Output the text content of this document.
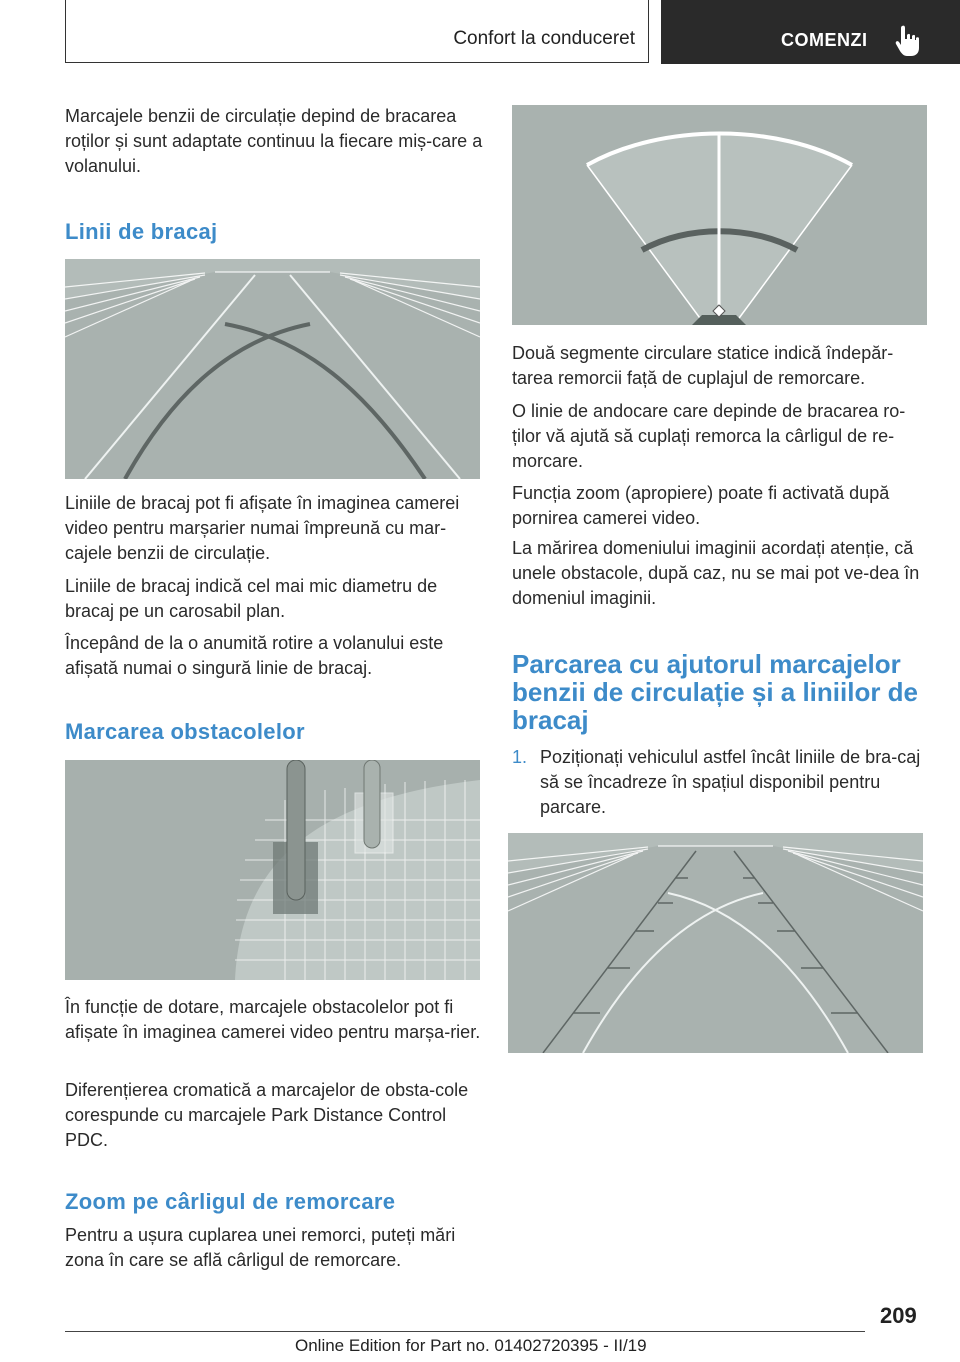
Confort la conduceret	COMENZI

Marcajele benzii de circulație depind de bracarea roților și sunt adaptate continuu la fiecare miș-care a volanului.

Linii de bracaj

Liniile de bracaj pot fi afișate în imaginea camerei video pentru marșarier numai împreună cu mar-cajele benzii de circulație.

Liniile de bracaj indică cel mai mic diametru de bracaj pe un carosabil plan.

Începând de la o anumită rotire a volanului este afișată numai o singură linie de bracaj.

Marcarea obstacolelor

În funcție de dotare, marcajele obstacolelor pot fi afișate în imaginea camerei video pentru marșa-rier.

Diferențierea cromatică a marcajelor de obsta-cole corespunde cu marcajele Park Distance Control PDC.

Zoom pe cârligul de remorcare

Pentru a ușura cuplarea unei remorci, puteți mări zona în care se află cârligul de remorcare.

Două segmente circulare statice indică îndepăr-tarea remorcii față de cuplajul de remorcare.

O linie de andocare care depinde de bracarea ro-ților vă ajută să cuplați remorca la cârligul de re-morcare.

Funcția zoom (apropiere) poate fi activată după pornirea camerei video.

La mărirea domeniului imaginii acordați atenție, că unele obstacole, după caz, nu se mai pot ve-dea în domeniul imaginii.

Parcarea cu ajutorul marcajelor benzii de circulație și a liniilor de bracaj
1. Poziționați vehiculul astfel încât liniile de bra-caj să se încadreze în spațiul disponibil pentru parcare.

209
Online Edition for Part no. 01402720395 - II/19
